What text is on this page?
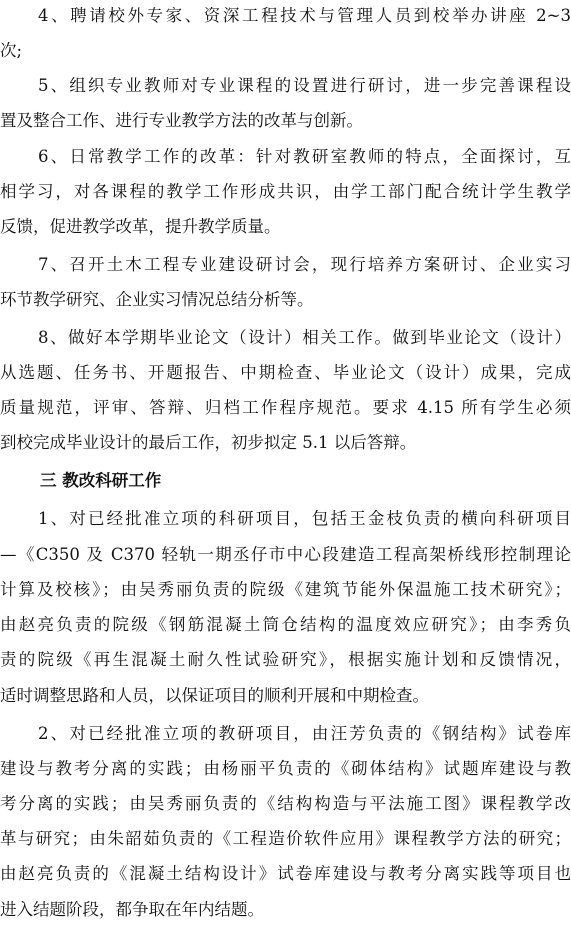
4、聘请校外专家、资深工程技术与管理人员到校举办讲座 2~3
次;
5、组织专业教师对专业课程的设置进行研讨，进一步完善课程设
置及整合工作、进行专业教学方法的改革与创新。
6、日常教学工作的改革：针对教研室教师的特点，全面探讨，互
相学习，对各课程的教学工作形成共识，由学工部门配合统计学生教学
反馈，促进教学改革，提升教学质量。
7、召开土木工程专业建设研讨会，现行培养方案研讨、企业实习
环节教学研究、企业实习情况总结分析等。
8、做好本学期毕业论文（设计）相关工作。做到毕业论文（设计）
从选题、任务书、开题报告、中期检查、毕业论文（设计）成果，完成
质量规范，评审、答辩、归档工作程序规范。要求 4.15 所有学生必须
到校完成毕业设计的最后工作，初步拟定 5.1 以后答辩。
三 教改科研工作
1、对已经批准立项的科研项目，包括王金枝负责的横向科研项目
—《C350 及 C370 轻轨一期丞仔市中心段建造工程高架桥线形控制理论
计算及校核》；由吴秀丽负责的院级《建筑节能外保温施工技术研究》；
由赵亮负责的院级《钢筋混凝土筒仓结构的温度效应研究》；由李秀负
责的院级《再生混凝土耐久性试验研究》，根据实施计划和反馈情况，
适时调整思路和人员，以保证项目的顺利开展和中期检查。
2、对已经批准立项的教研项目，由汪芳负责的《钢结构》试卷库
建设与教考分离的实践；由杨丽平负责的《砌体结构》试题库建设与教
考分离的实践；由吴秀丽负责的《结构构造与平法施工图》课程教学改
革与研究；由朱韶茹负责的《工程造价软件应用》课程教学方法的研究；
由赵亮负责的《混凝土结构设计》试卷库建设与教考分离实践等项目也
进入结题阶段，都争取在年内结题。
